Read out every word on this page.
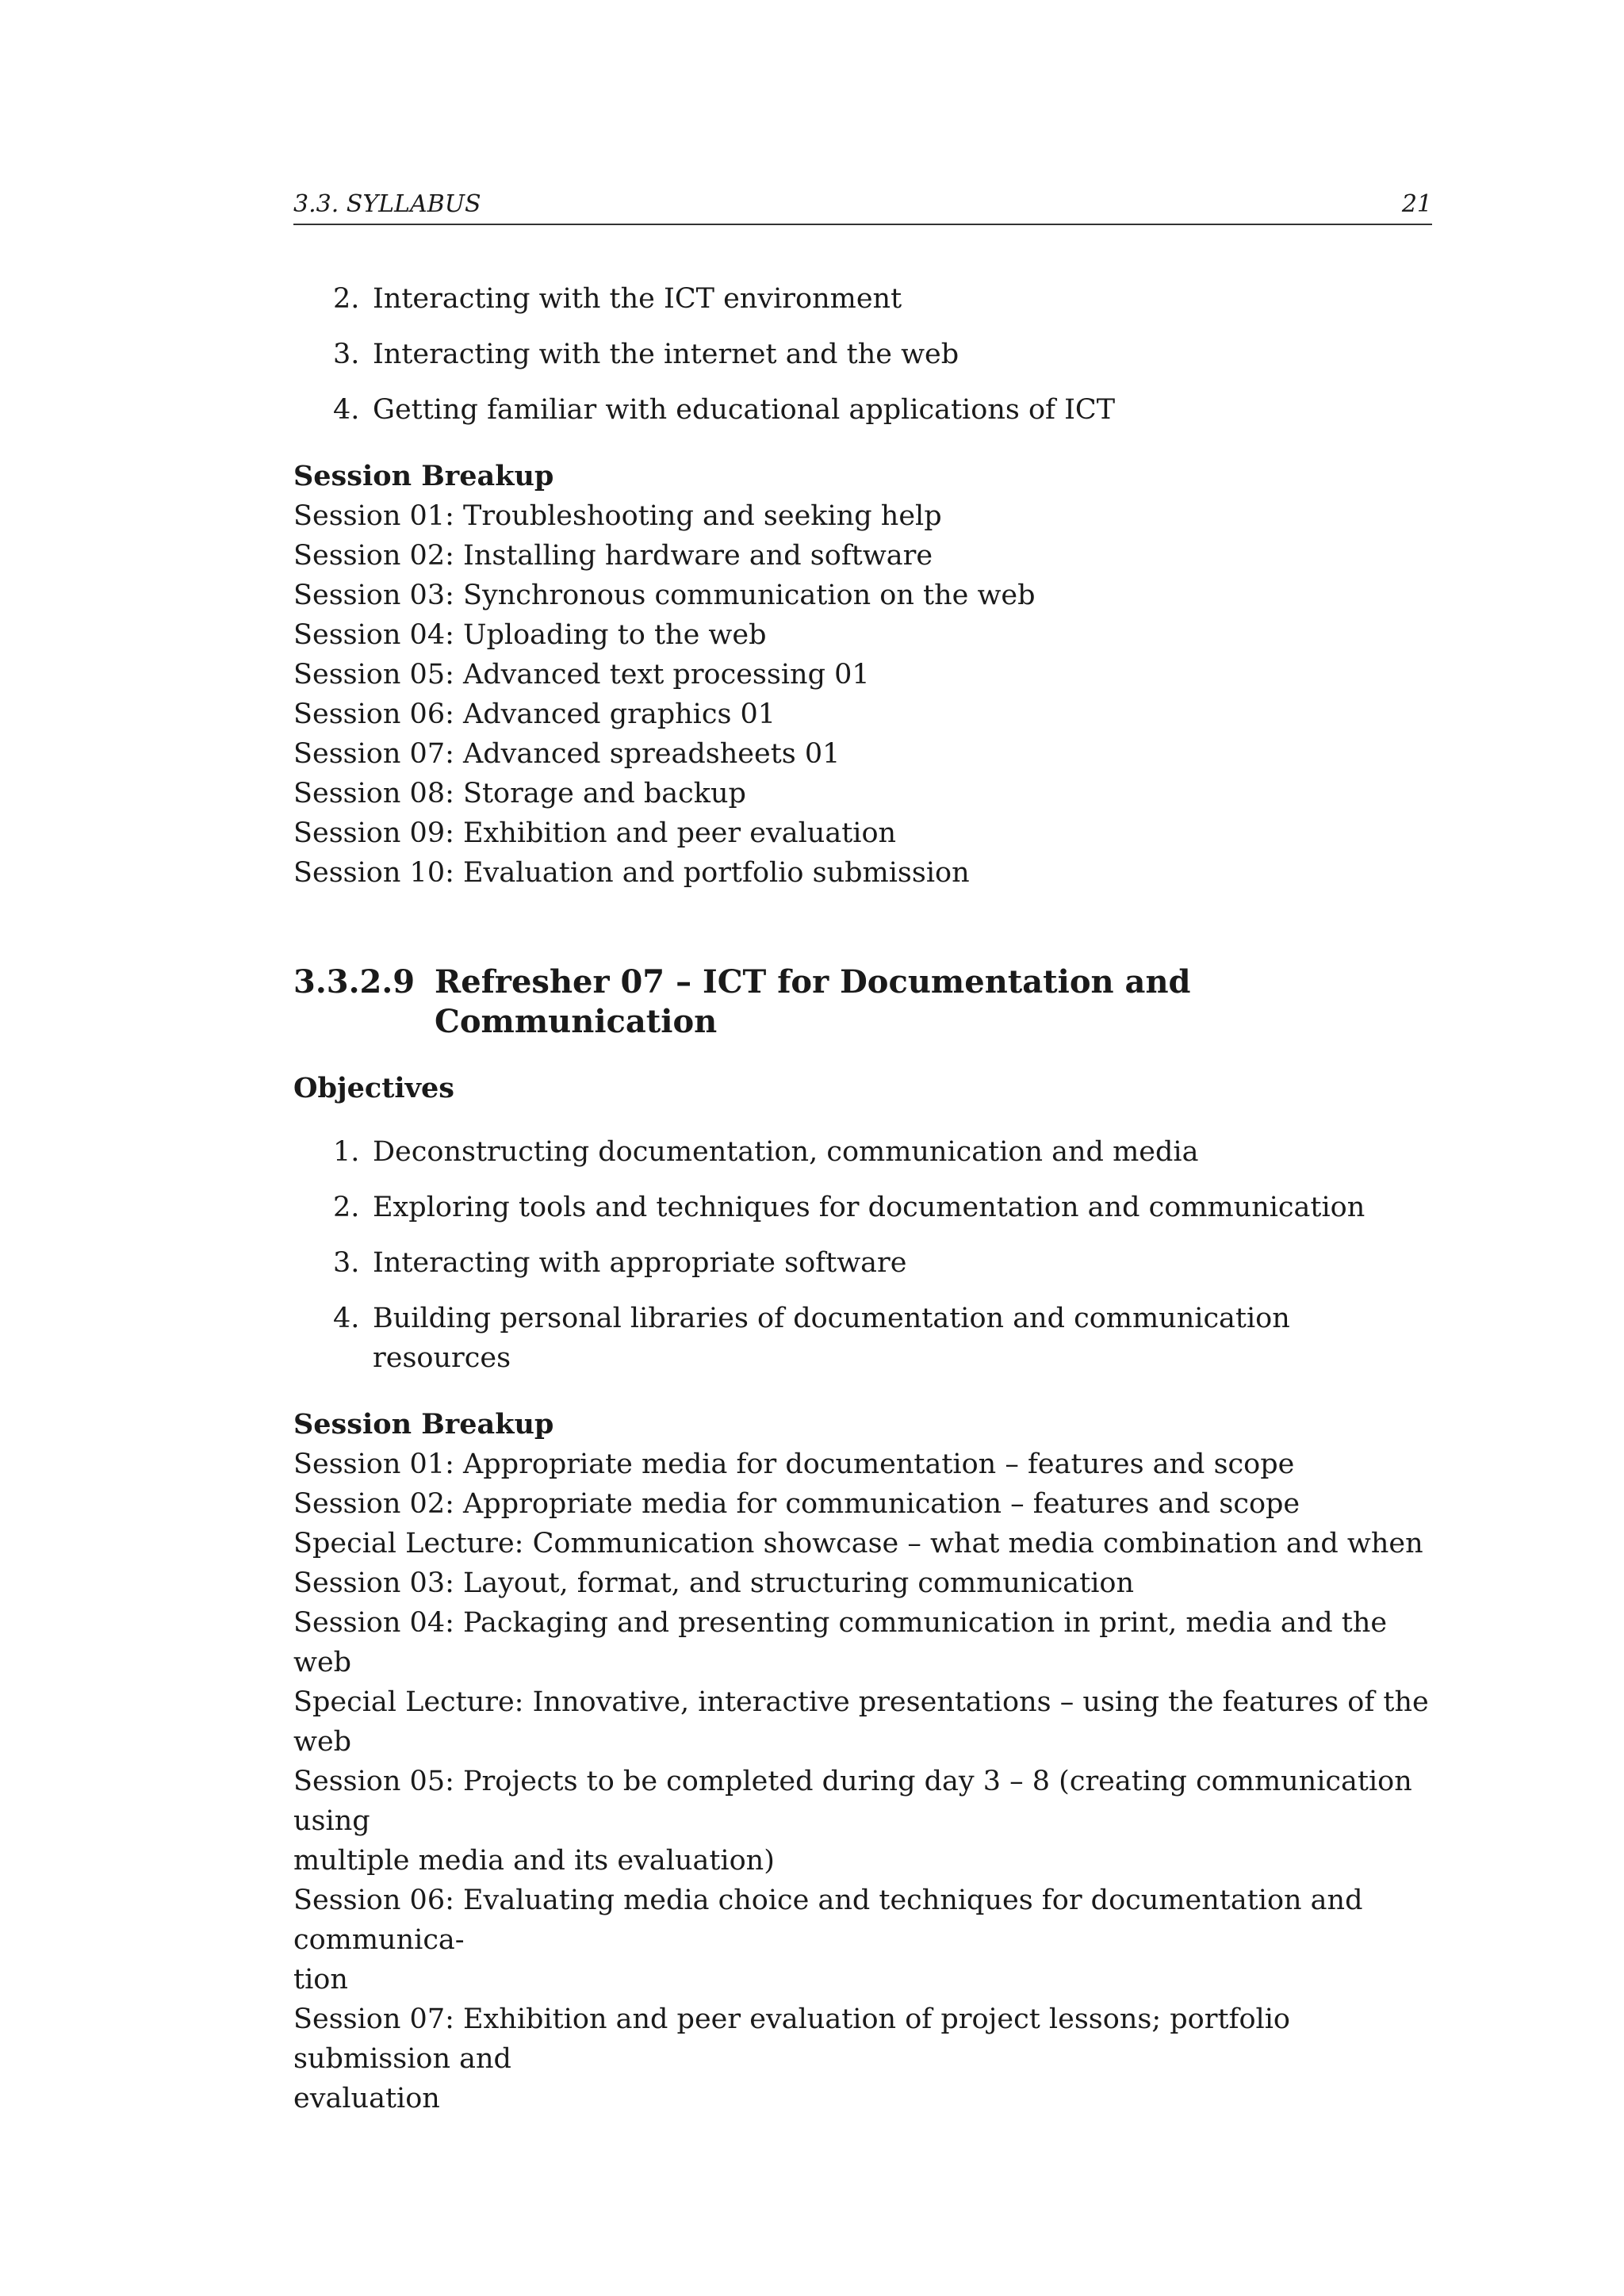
3.3. SYLLABUS	21
2. Interacting with the ICT environment
3. Interacting with the internet and the web
4. Getting familiar with educational applications of ICT
Session Breakup
Session 01: Troubleshooting and seeking help
Session 02: Installing hardware and software
Session 03: Synchronous communication on the web
Session 04: Uploading to the web
Session 05: Advanced text processing 01
Session 06: Advanced graphics 01
Session 07: Advanced spreadsheets 01
Session 08: Storage and backup
Session 09: Exhibition and peer evaluation
Session 10: Evaluation and portfolio submission
3.3.2.9 Refresher 07 – ICT for Documentation and
Communication
Objectives
1. Deconstructing documentation, communication and media
2. Exploring tools and techniques for documentation and communication
3. Interacting with appropriate software
4. Building personal libraries of documentation and communication resources
Session Breakup
Session 01: Appropriate media for documentation – features and scope
Session 02: Appropriate media for communication – features and scope
Special Lecture: Communication showcase – what media combination and when
Session 03: Layout, format, and structuring communication
Session 04: Packaging and presenting communication in print, media and the web
Special Lecture: Innovative, interactive presentations – using the features of the web
Session 05: Projects to be completed during day 3 – 8 (creating communication using
multiple media and its evaluation)
Session 06: Evaluating media choice and techniques for documentation and communica-
tion
Session 07: Exhibition and peer evaluation of project lessons; portfolio submission and
evaluation
